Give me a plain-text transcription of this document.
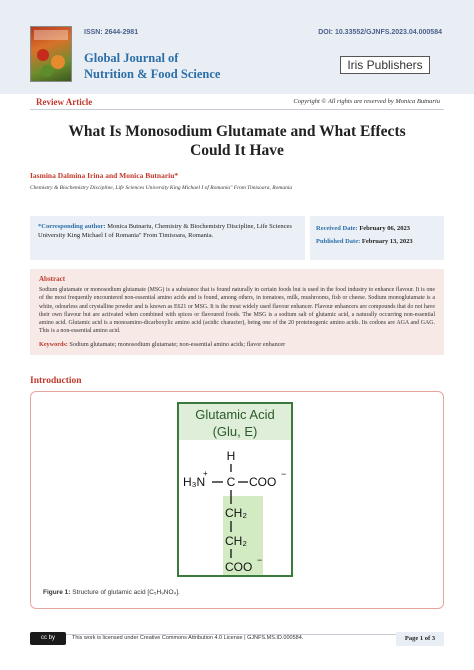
ISSN: 2644-2981	DOI: 10.33552/GJNFS.2023.04.000584
Global Journal of
Nutrition & Food Science
Iris Publishers
Review Article	Copyright © All rights are reserved by Monica Butnariu
What Is Monosodium Glutamate and What Effects
Could It Have
Iasmina Dalmina Irina and Monica Butnariu*
Chemistry & Biochemistry Discipline, Life Sciences University King Michael I of Romania" From Timisoara, Romania
*Corresponding author: Monica Butnariu, Chemistry & Biochemistry Discipline, Life Sciences University King Michael I of Romania" From Timisoara, Romania.
Received Date: February 06, 2023
Published Date: February 13, 2023
Abstract
Sodium glutamate or monosodium glutamate (MSG) is a substance that is found naturally in certain foods but is used in the food industry to enhance flavour. It is one of the most frequently encountered non-essential amino acids and is found, among others, in tomatoes, milk, mushrooms, fish or cheese. Sodium monoglutamate is a white, odourless and crystalline powder and is known as E621 or MSG. It is the most widely used flavour enhancer. Flavour enhancers are compounds that do not have their own flavour but are activated when combined with spices or flavoured foods. The MSG is a sodium salt of glutamic acid, a naturally occurring non-essential amino acid. Glutamic acid is a monoamino-dicarboxylic amino acid (acidic character), being one of the 20 proteinogenic amino acids. Its codons are AGA and GAG. This is a non-essential amino acid.
Keywords: Sodium glutamate; monosodium glutamate; non-essential amino acids; flavor enhancer
Introduction
Glutamic Acid
(Glu, E)
H
H₃N
+
C COO
−
CH₂
CH₂
COO −
Figure 1: Structure of glutamic acid [C₅H₉NO₄].
cc by	This work is licensed under Creative Commons Attribution 4.0 License | GJNFS.MS.ID.000584.	Page 1 of 3
